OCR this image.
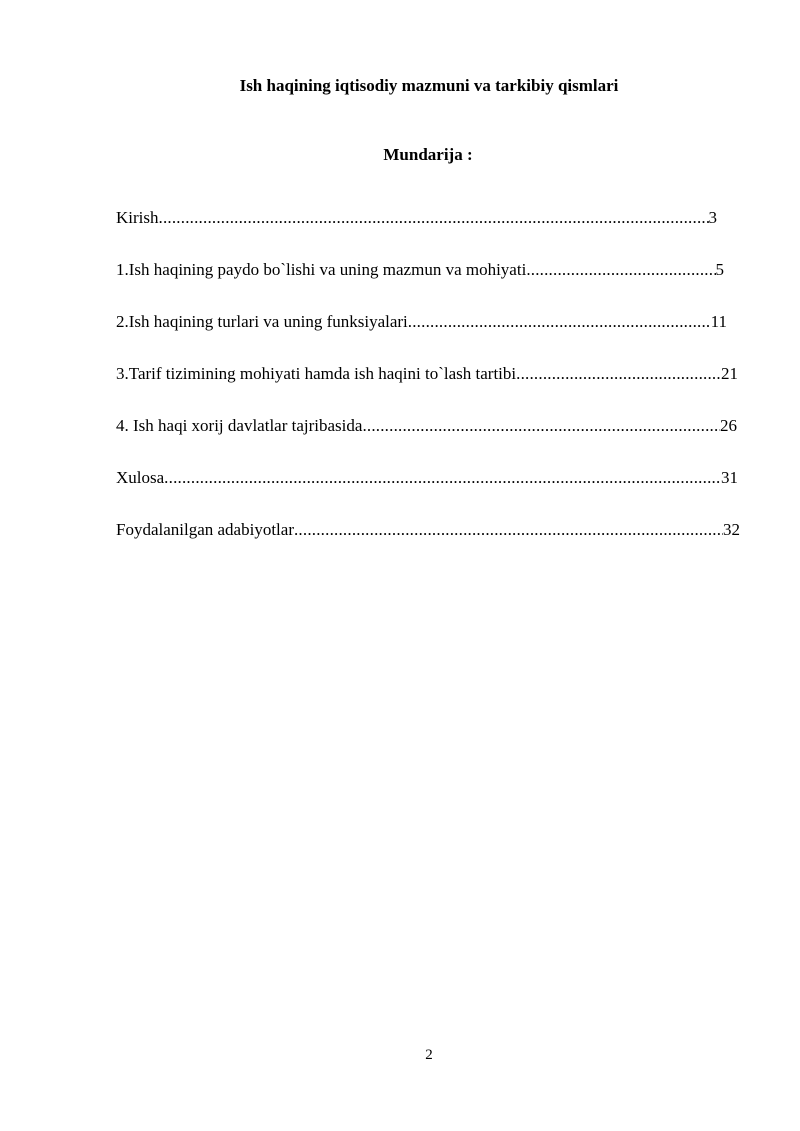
Ish haqining iqtisodiy mazmuni va tarkibiy qismlari
Mundarija :
Kirish .....	3
1.Ish haqining paydo bo`lishi va uning mazmun va mohiyati .....	5
2.Ish haqining turlari va uning funksiyalari .....	11
3.Tarif tizimining mohiyati hamda ish haqini to`lash tartibi .....	21
4. Ish haqi xorij davlatlar tajribasida .....	26
Xulosa .....	31
Foydalanilgan adabiyotlar .....	32
2
